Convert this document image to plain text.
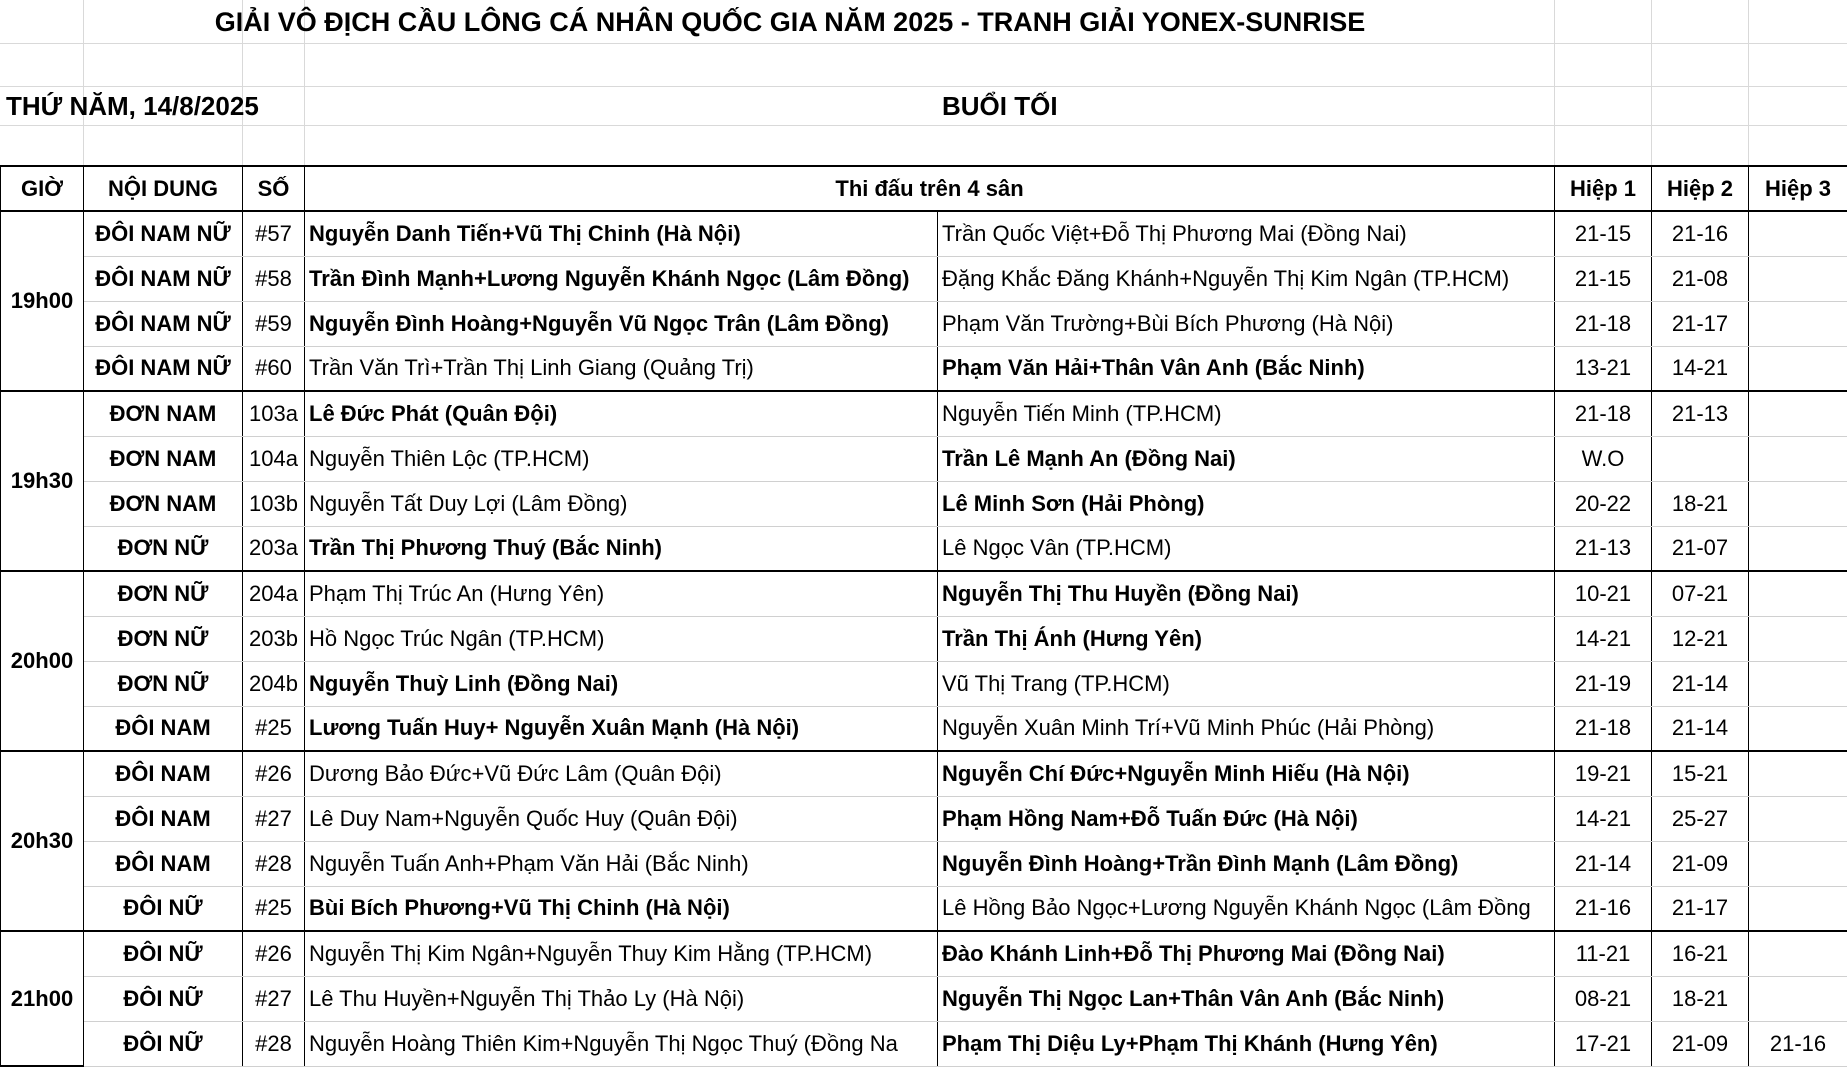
GIẢI VÔ ĐỊCH CẦU LÔNG CÁ NHÂN QUỐC GIA NĂM 2025 - TRANH GIẢI YONEX-SUNRISE
THỨ NĂM, 14/8/2025	BUỔI TỐI
GIỜ	NỘI DUNG	SỐ	Thi đấu trên 4 sân		Hiệp 1	Hiệp 2	Hiệp 3
19h00	ĐÔI NAM NỮ	#57	Nguyễn Danh Tiến+Vũ Thị Chinh (Hà Nội)	Trần Quốc Việt+Đỗ Thị Phương Mai (Đồng Nai)	21-15	21-16	
	ĐÔI NAM NỮ	#58	Trần Đình Mạnh+Lương Nguyễn Khánh Ngọc (Lâm Đồng)	Đặng Khắc Đăng Khánh+Nguyễn Thị Kim Ngân (TP.HCM)	21-15	21-08	
	ĐÔI NAM NỮ	#59	Nguyễn Đình Hoàng+Nguyễn Vũ Ngọc Trân (Lâm Đồng)	Phạm Văn Trường+Bùi Bích Phương (Hà Nội)	21-18	21-17	
	ĐÔI NAM NỮ	#60	Trần Văn Trì+Trần Thị Linh Giang (Quảng Trị)	Phạm Văn Hải+Thân Vân Anh (Bắc Ninh)	13-21	14-21	
19h30	ĐƠN NAM	103a	Lê Đức Phát (Quân Đội)	Nguyễn Tiến Minh (TP.HCM)	21-18	21-13	
	ĐƠN NAM	104a	Nguyễn Thiên Lộc (TP.HCM)	Trần Lê Mạnh An (Đồng Nai)	W.O		
	ĐƠN NAM	103b	Nguyễn Tất Duy Lợi (Lâm Đồng)	Lê Minh Sơn (Hải Phòng)	20-22	18-21	
	ĐƠN NỮ	203a	Trần Thị Phương Thuý (Bắc Ninh)	Lê Ngọc Vân (TP.HCM)	21-13	21-07	
20h00	ĐƠN NỮ	204a	Phạm Thị Trúc An (Hưng Yên)	Nguyễn Thị Thu Huyền (Đồng Nai)	10-21	07-21	
	ĐƠN NỮ	203b	Hồ Ngọc Trúc Ngân (TP.HCM)	Trần Thị Ánh (Hưng Yên)	14-21	12-21	
	ĐƠN NỮ	204b	Nguyễn Thuỳ Linh (Đồng Nai)	Vũ Thị Trang (TP.HCM)	21-19	21-14	
	ĐÔI NAM	#25	Lương Tuấn Huy+ Nguyễn Xuân Mạnh (Hà Nội)	Nguyễn Xuân Minh Trí+Vũ Minh Phúc (Hải Phòng)	21-18	21-14	
20h30	ĐÔI NAM	#26	Dương Bảo Đức+Vũ Đức Lâm (Quân Đội)	Nguyễn Chí Đức+Nguyễn Minh Hiếu (Hà Nội)	19-21	15-21	
	ĐÔI NAM	#27	Lê Duy Nam+Nguyễn Quốc Huy (Quân Đội)	Phạm Hồng Nam+Đỗ Tuấn Đức (Hà Nội)	14-21	25-27	
	ĐÔI NAM	#28	Nguyễn Tuấn Anh+Phạm Văn Hải (Bắc Ninh)	Nguyễn Đình Hoàng+Trần Đình Mạnh (Lâm Đồng)	21-14	21-09	
	ĐÔI NỮ	#25	Bùi Bích Phương+Vũ Thị Chinh (Hà Nội)	Lê Hồng Bảo Ngọc+Lương Nguyễn Khánh Ngọc (Lâm Đồng	21-16	21-17	
21h00	ĐÔI NỮ	#26	Nguyễn Thị Kim Ngân+Nguyễn Thuy Kim Hằng (TP.HCM)	Đào Khánh Linh+Đỗ Thị Phương Mai (Đồng Nai)	11-21	16-21	
	ĐÔI NỮ	#27	Lê Thu Huyền+Nguyễn Thị Thảo Ly (Hà Nội)	Nguyễn Thị Ngọc Lan+Thân Vân Anh (Bắc Ninh)	08-21	18-21	
	ĐÔI NỮ	#28	Nguyễn Hoàng Thiên Kim+Nguyễn Thị Ngọc Thuý (Đồng Na	Phạm Thị Diệu Ly+Phạm Thị Khánh (Hưng Yên)	17-21	21-09	21-16
